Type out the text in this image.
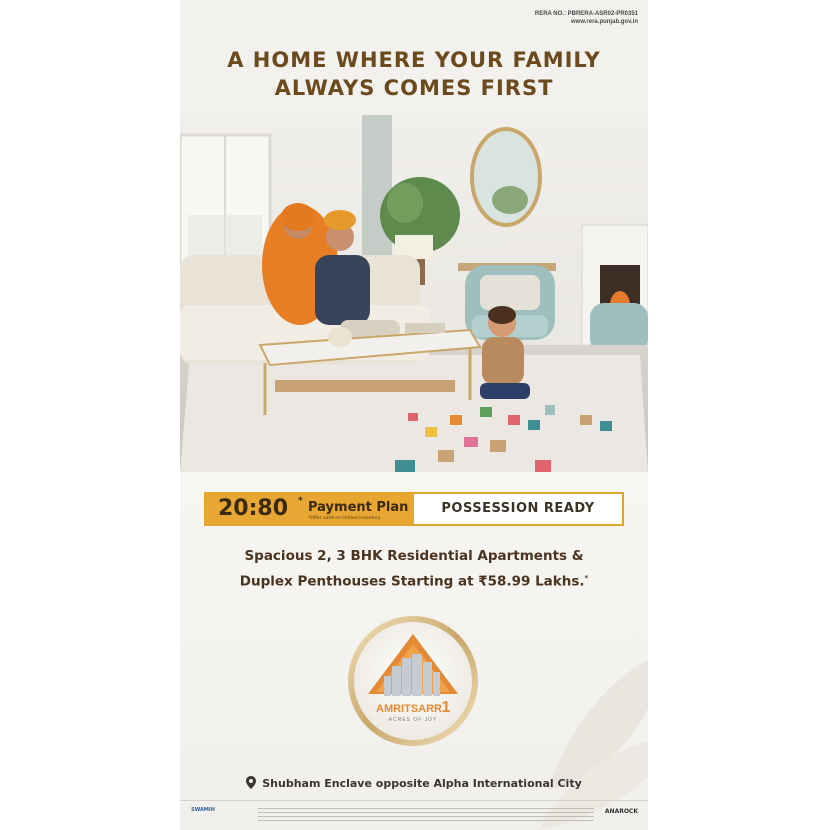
RERA NO.: PBRERA-ASR02-PR0351
www.rera.punjab.gov.in
A HOME WHERE YOUR FAMILY
ALWAYS COMES FIRST
20:80 * Payment Plan
*Offer valid on limited inventory
POSSESSION READY
Spacious 2, 3 BHK Residential Apartments &
Duplex Penthouses Starting at ₹58.99 Lakhs.*
AMRITSARR 1
ACRES OF JOY
Shubham Enclave opposite Alpha International City
SWAMIH	ANAROCK
